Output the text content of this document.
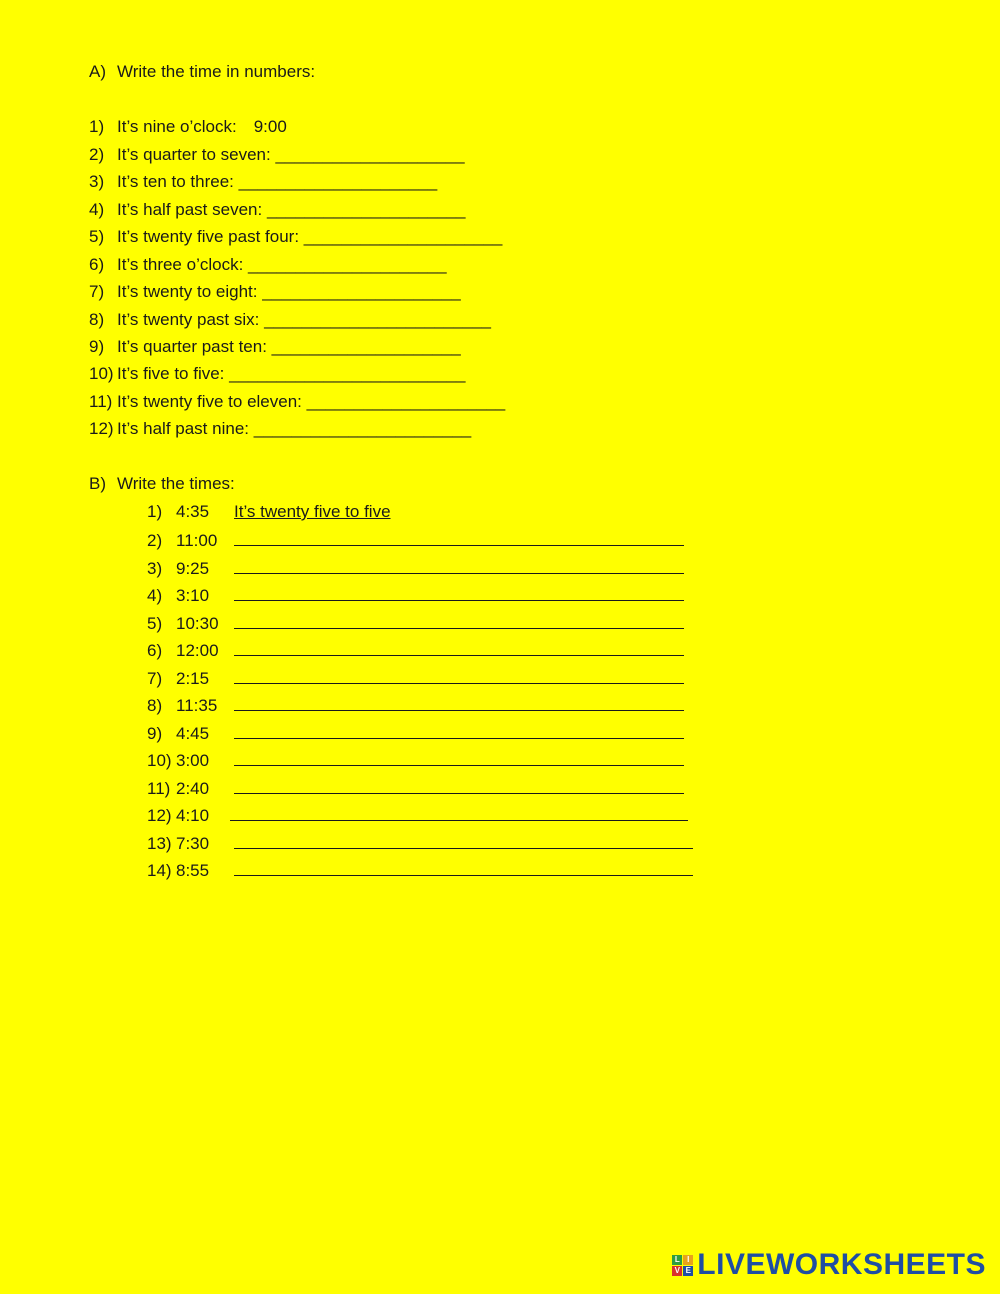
A) Write the time in numbers:
1) It’s nine o’clock: 9:00
2) It’s quarter to seven: ____________________
3) It’s ten to three: _____________________
4) It’s half past seven: _____________________
5) It’s twenty five past four: _____________________
6) It’s three o’clock: _____________________
7) It’s twenty to eight: _____________________
8) It’s twenty past six: ________________________
9) It’s quarter past ten: ____________________
10) It’s five to five: _________________________
11) It’s twenty five to eleven: _____________________
12) It’s half past nine: _______________________
B) Write the times:
1) 4:35 It’s twenty five to five
2) 11:00
3) 9:25
4) 3:10
5) 10:30
6) 12:00
7) 2:15
8) 11:35
9) 4:45
10) 3:00
11) 2:40
12) 4:10
13) 7:30
14) 8:55
L I
V E LIVEWORKSHEETS
